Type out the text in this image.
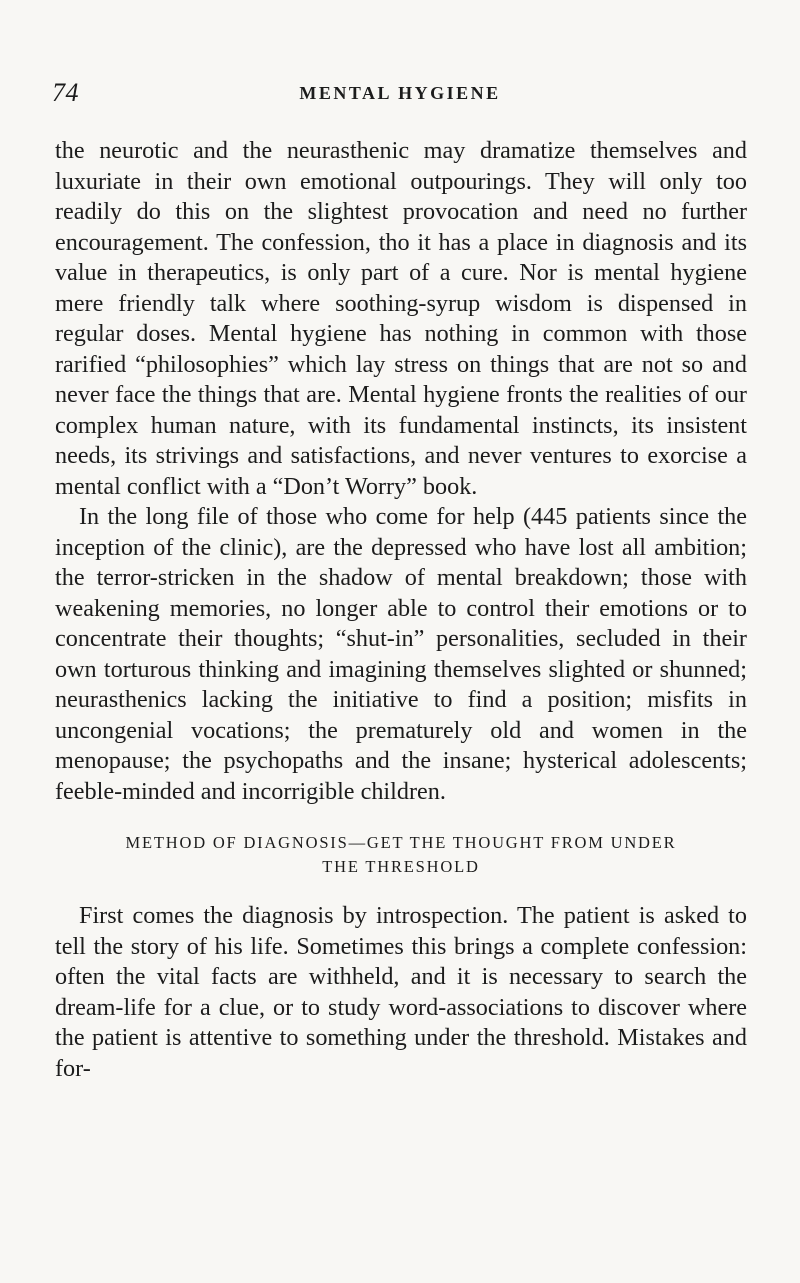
74	MENTAL HYGIENE

the neurotic and the neurasthenic may dramatize themselves and luxuriate in their own emotional outpourings. They will only too readily do this on the slightest provocation and need no further encouragement. The confession, tho it has a place in diagnosis and its value in therapeutics, is only part of a cure. Nor is mental hygiene mere friendly talk where soothing-syrup wisdom is dispensed in regular doses. Mental hygiene has nothing in common with those rarified “philosophies” which lay stress on things that are not so and never face the things that are. Mental hygiene fronts the realities of our complex human nature, with its fundamental instincts, its insistent needs, its strivings and satisfactions, and never ventures to exorcise a mental conflict with a “Don’t Worry” book.

In the long file of those who come for help (445 patients since the inception of the clinic), are the depressed who have lost all ambition; the terror-stricken in the shadow of mental breakdown; those with weakening memories, no longer able to control their emotions or to concentrate their thoughts; “shut-in” personalities, secluded in their own torturous thinking and imagining themselves slighted or shunned; neurasthenics lacking the initiative to find a position; misfits in uncongenial vocations; the prematurely old and women in the menopause; the psychopaths and the insane; hysterical adolescents; feeble-minded and incorrigible children.

METHOD OF DIAGNOSIS—GET THE THOUGHT FROM UNDER
THE THRESHOLD

First comes the diagnosis by introspection. The patient is asked to tell the story of his life. Sometimes this brings a complete confession: often the vital facts are withheld, and it is necessary to search the dream-life for a clue, or to study word-associations to discover where the patient is attentive to something under the threshold. Mistakes and for-
